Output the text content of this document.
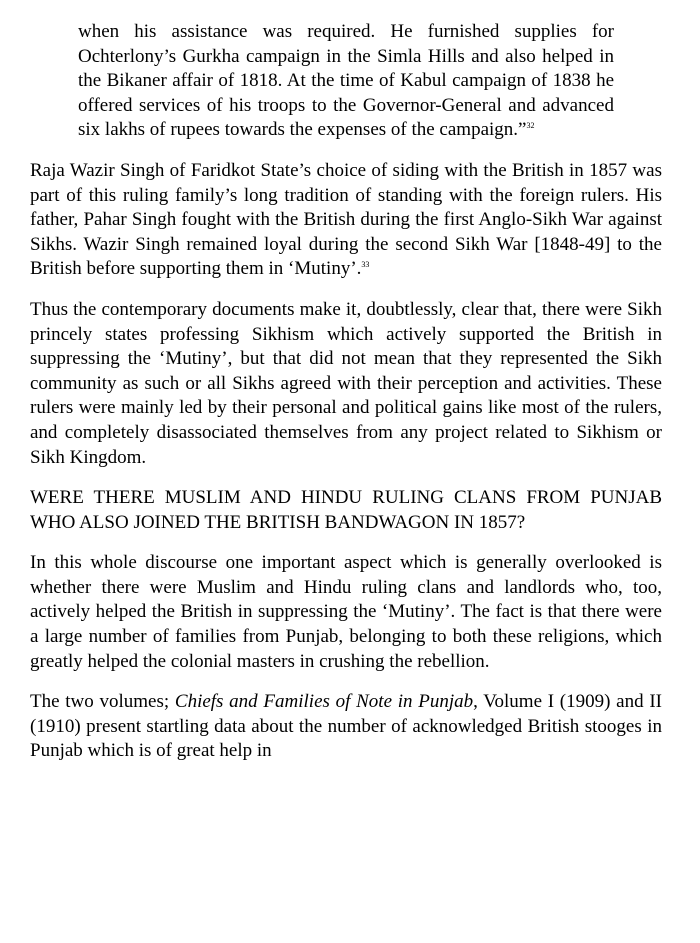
when his assistance was required. He furnished supplies for Ochterlony’s Gurkha campaign in the Simla Hills and also helped in the Bikaner affair of 1818. At the time of Kabul campaign of 1838 he offered services of his troops to the Governor-General and advanced six lakhs of rupees towards the expenses of the campaign.”$^{32}$

Raja Wazir Singh of Faridkot State’s choice of siding with the British in 1857 was part of this ruling family’s long tradition of standing with the foreign rulers. His father, Pahar Singh fought with the British during the first Anglo-Sikh War against Sikhs. Wazir Singh remained loyal during the second Sikh War [1848-49] to the British before supporting them in ‘Mutiny’.$^{33}$

Thus the contemporary documents make it, doubtlessly, clear that, there were Sikh princely states professing Sikhism which actively supported the British in suppressing the ‘Mutiny’, but that did not mean that they represented the Sikh community as such or all Sikhs agreed with their perception and activities. These rulers were mainly led by their personal and political gains like most of the rulers, and completely disassociated themselves from any project related to Sikhism or Sikh Kingdom.

WERE THERE MUSLIM AND HINDU RULING CLANS FROM PUNJAB WHO ALSO JOINED THE BRITISH BANDWAGON IN 1857?

In this whole discourse one important aspect which is generally overlooked is whether there were Muslim and Hindu ruling clans and landlords who, too, actively helped the British in suppressing the ‘Mutiny’. The fact is that there were a large number of families from Punjab, belonging to both these religions, which greatly helped the colonial masters in crushing the rebellion.

The two volumes; Chiefs and Families of Note in Punjab, Volume I (1909) and II (1910) present startling data about the number of acknowledged British stooges in Punjab which is of great help in
